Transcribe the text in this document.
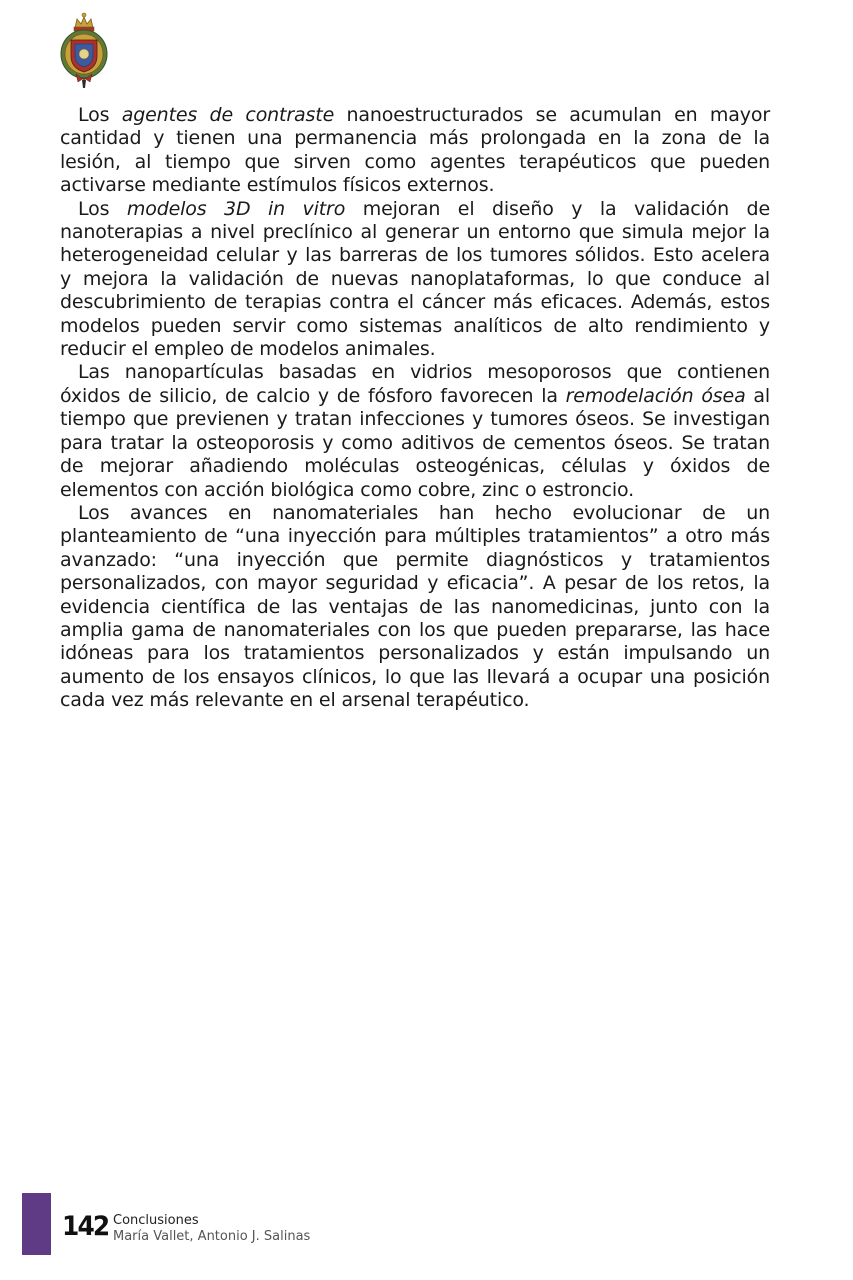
Los agentes de contraste nanoestructurados se acumulan en mayor cantidad y tienen una permanencia más prolongada en la zona de la lesión, al tiempo que sirven como agentes terapéuticos que pueden activarse mediante estímulos físicos externos.

Los modelos 3D in vitro mejoran el diseño y la validación de nanoterapias a nivel preclínico al generar un entorno que simula mejor la heterogeneidad celular y las barreras de los tumores sólidos. Esto acelera y mejora la validación de nuevas nanoplataformas, lo que conduce al descubrimiento de terapias contra el cáncer más eficaces. Además, estos modelos pueden servir como sistemas analíticos de alto rendimiento y reducir el empleo de modelos animales.

Las nanopartículas basadas en vidrios mesoporosos que contienen óxidos de silicio, de calcio y de fósforo favorecen la remodelación ósea al tiempo que previenen y tratan infecciones y tumores óseos. Se investigan para tratar la osteoporosis y como aditivos de cementos óseos. Se tratan de mejorar añadiendo moléculas osteogénicas, células y óxidos de elementos con acción biológica como cobre, zinc o estroncio.

Los avances en nanomateriales han hecho evolucionar de un planteamiento de “una inyección para múltiples tratamientos” a otro más avanzado: “una inyección que permite diagnósticos y tratamientos personalizados, con mayor seguridad y eficacia”. A pesar de los retos, la evidencia científica de las ventajas de las nanomedicinas, junto con la amplia gama de nanomateriales con los que pueden prepararse, las hace idóneas para los tratamientos personalizados y están impulsando un aumento de los ensayos clínicos, lo que las llevará a ocupar una posición cada vez más relevante en el arsenal terapéutico.

142 Conclusiones
María Vallet, Antonio J. Salinas
